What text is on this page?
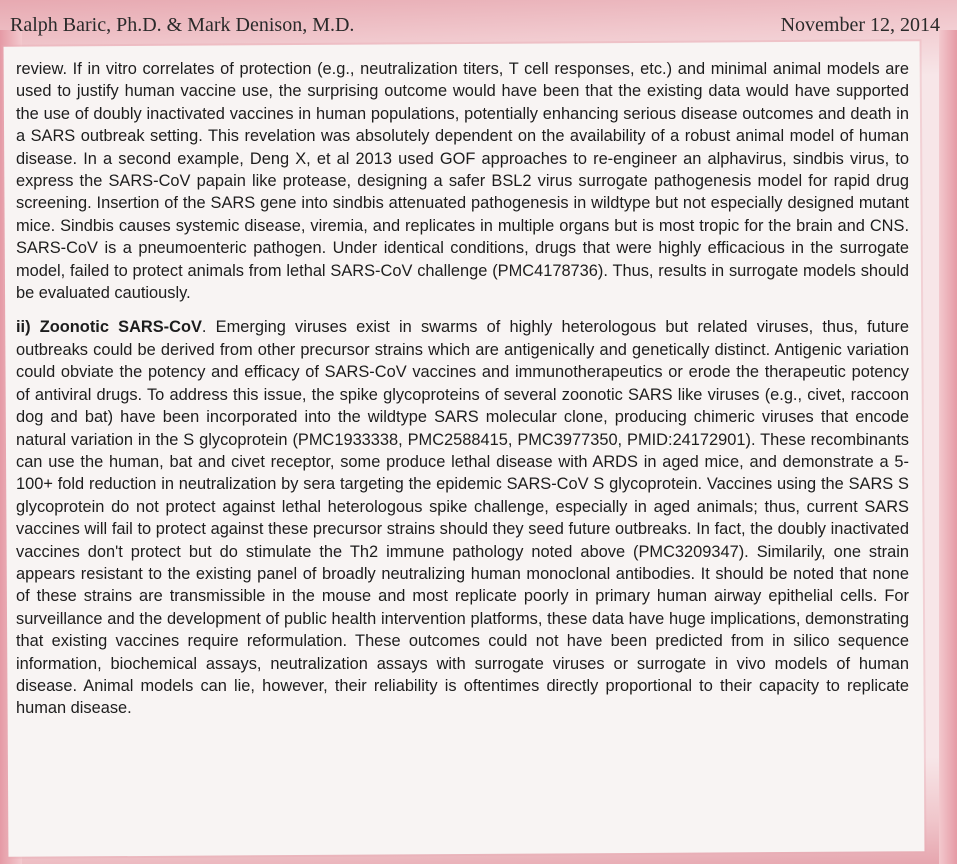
Ralph Baric, Ph.D. & Mark Denison, M.D.	November 12, 2014

review. If in vitro correlates of protection (e.g., neutralization titers, T cell responses, etc.) and minimal animal models are used to justify human vaccine use, the surprising outcome would have been that the existing data would have supported the use of doubly inactivated vaccines in human populations, potentially enhancing serious disease outcomes and death in a SARS outbreak setting. This revelation was absolutely dependent on the availability of a robust animal model of human disease. In a second example, Deng X, et al 2013 used GOF approaches to re-engineer an alphavirus, sindbis virus, to express the SARS-CoV papain like protease, designing a safer BSL2 virus surrogate pathogenesis model for rapid drug screening. Insertion of the SARS gene into sindbis attenuated pathogenesis in wildtype but not especially designed mutant mice. Sindbis causes systemic disease, viremia, and replicates in multiple organs but is most tropic for the brain and CNS. SARS-CoV is a pneumoenteric pathogen. Under identical conditions, drugs that were highly efficacious in the surrogate model, failed to protect animals from lethal SARS-CoV challenge (PMC4178736). Thus, results in surrogate models should be evaluated cautiously.

ii) Zoonotic SARS-CoV. Emerging viruses exist in swarms of highly heterologous but related viruses, thus, future outbreaks could be derived from other precursor strains which are antigenically and genetically distinct. Antigenic variation could obviate the potency and efficacy of SARS-CoV vaccines and immunotherapeutics or erode the therapeutic potency of antiviral drugs. To address this issue, the spike glycoproteins of several zoonotic SARS like viruses (e.g., civet, raccoon dog and bat) have been incorporated into the wildtype SARS molecular clone, producing chimeric viruses that encode natural variation in the S glycoprotein (PMC1933338, PMC2588415, PMC3977350, PMID:24172901). These recombinants can use the human, bat and civet receptor, some produce lethal disease with ARDS in aged mice, and demonstrate a 5-100+ fold reduction in neutralization by sera targeting the epidemic SARS-CoV S glycoprotein. Vaccines using the SARS S glycoprotein do not protect against lethal heterologous spike challenge, especially in aged animals; thus, current SARS vaccines will fail to protect against these precursor strains should they seed future outbreaks. In fact, the doubly inactivated vaccines don't protect but do stimulate the Th2 immune pathology noted above (PMC3209347). Similarily, one strain appears resistant to the existing panel of broadly neutralizing human monoclonal antibodies. It should be noted that none of these strains are transmissible in the mouse and most replicate poorly in primary human airway epithelial cells. For surveillance and the development of public health intervention platforms, these data have huge implications, demonstrating that existing vaccines require reformulation. These outcomes could not have been predicted from in silico sequence information, biochemical assays, neutralization assays with surrogate viruses or surrogate in vivo models of human disease. Animal models can lie, however, their reliability is oftentimes directly proportional to their capacity to replicate human disease.
